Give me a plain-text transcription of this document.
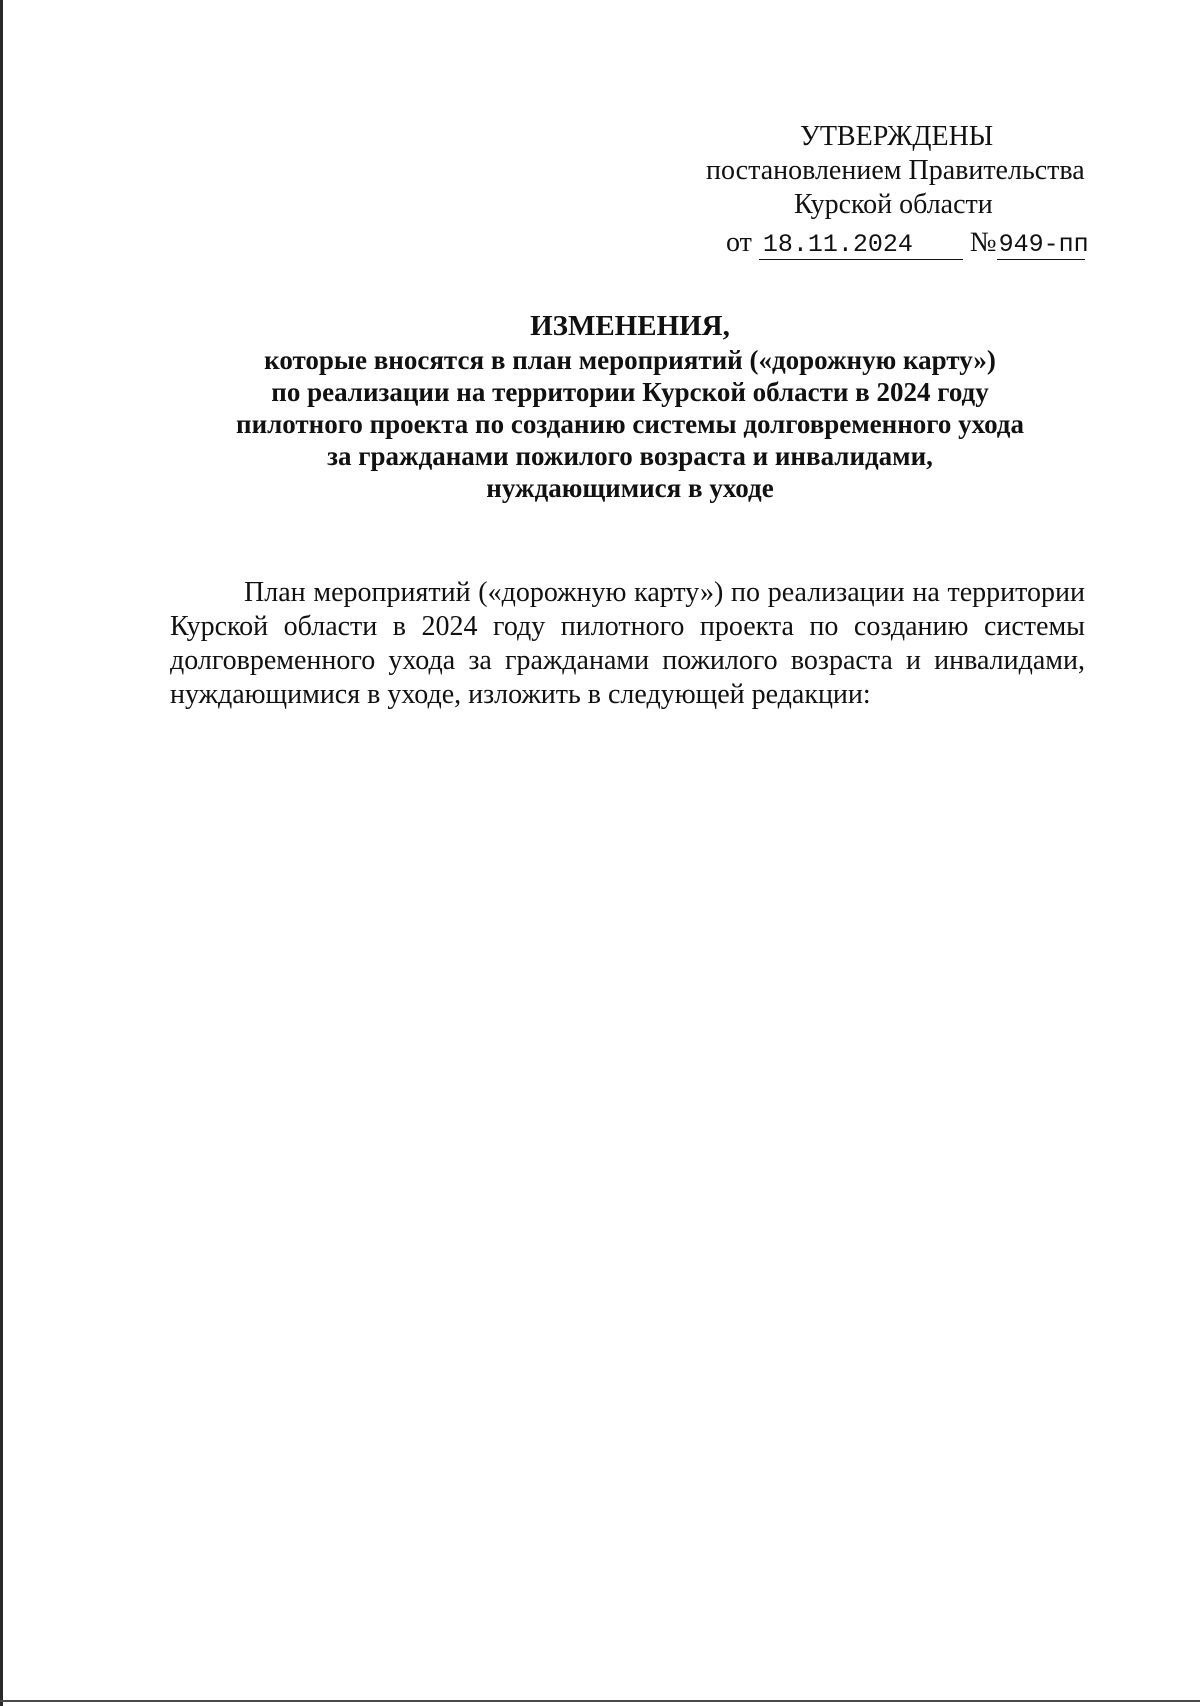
УТВЕРЖДЕНЫ
постановлением Правительства
Курской области
от 18.11.2024 №949-пп
ИЗМЕНЕНИЯ,
которые вносятся в план мероприятий («дорожную карту»)
по реализации на территории Курской области в 2024 году
пилотного проекта по созданию системы долговременного ухода
за гражданами пожилого возраста и инвалидами,
нуждающимися в уходе
План мероприятий («дорожную карту») по реализации на территории Курской области в 2024 году пилотного проекта по созданию системы долговременного ухода за гражданами пожилого возраста и инвалидами, нуждающимися в уходе, изложить в следующей редакции:
